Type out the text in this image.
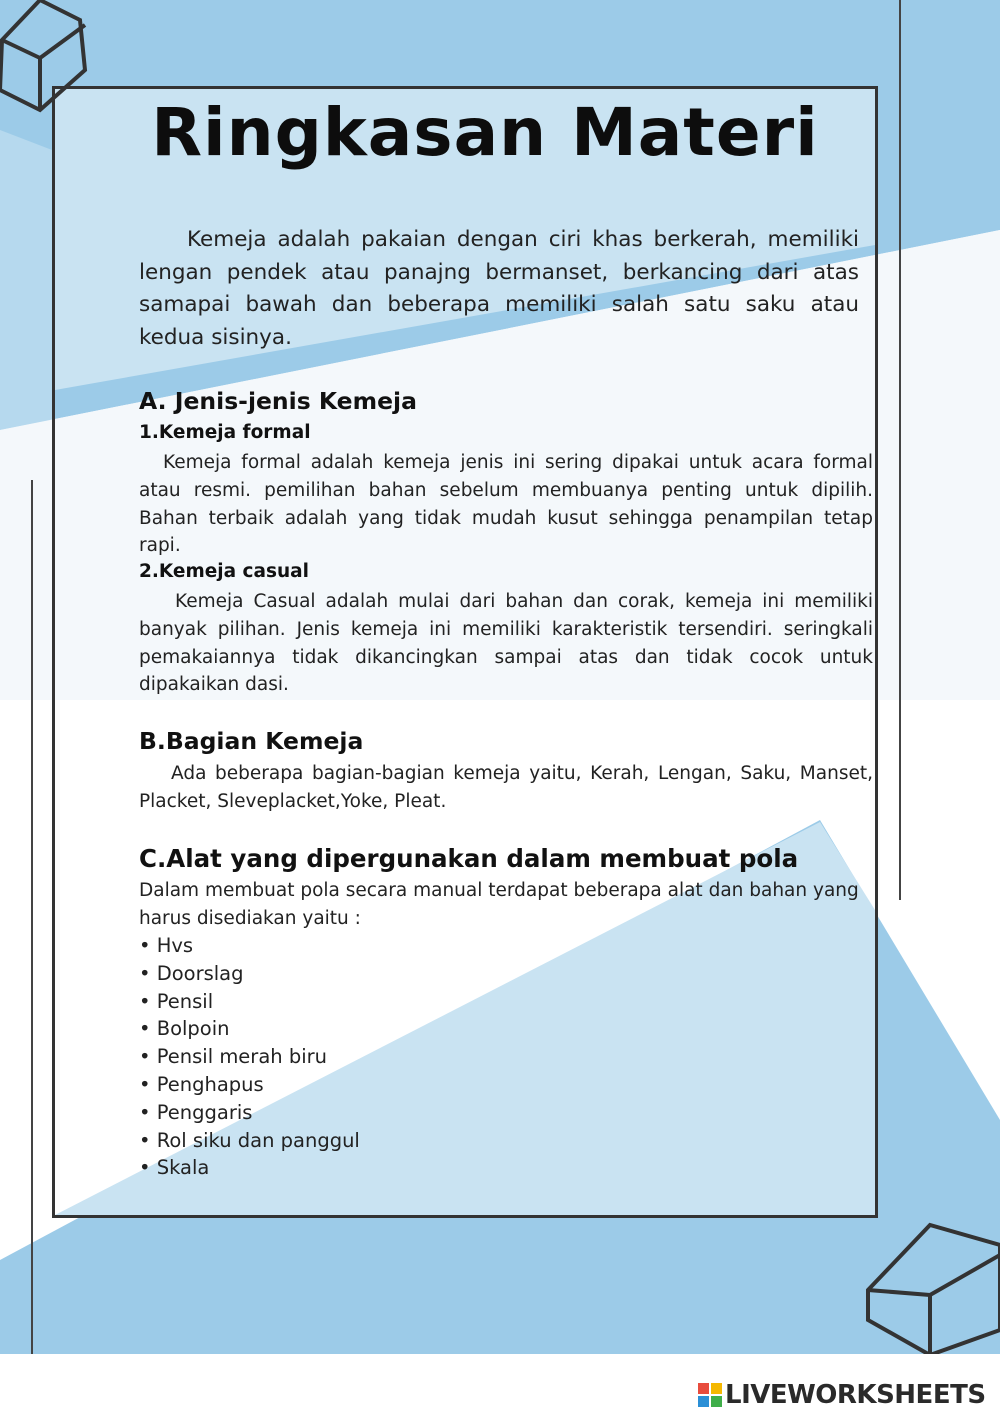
Ringkasan Materi

Kemeja adalah pakaian dengan ciri khas berkerah, memiliki lengan pendek atau panajng bermanset, berkancing dari atas samapai bawah dan beberapa memiliki salah satu saku atau kedua sisinya.

A. Jenis-jenis Kemeja
1.Kemeja formal

Kemeja formal adalah kemeja jenis ini sering dipakai untuk acara formal atau resmi. pemilihan bahan sebelum membuanya penting untuk dipilih. Bahan terbaik adalah yang tidak mudah kusut sehingga penampilan tetap rapi.

2.Kemeja casual

Kemeja Casual adalah mulai dari bahan dan corak, kemeja ini memiliki banyak pilihan. Jenis kemeja ini memiliki karakteristik tersendiri. seringkali pemakaiannya tidak dikancingkan sampai atas dan tidak cocok untuk dipakaikan dasi.

B.Bagian Kemeja

Ada beberapa bagian-bagian kemeja yaitu, Kerah, Lengan, Saku, Manset, Placket, Sleveplacket,Yoke, Pleat.

C.Alat yang dipergunakan dalam membuat pola

Dalam membuat pola secara manual terdapat beberapa alat dan bahan yang harus disediakan yaitu :

• Hvs
• Doorslag
• Pensil
• Bolpoin
• Pensil merah biru
• Penghapus
• Penggaris
• Rol siku dan panggul
• Skala
LIVEWORKSHEETS
